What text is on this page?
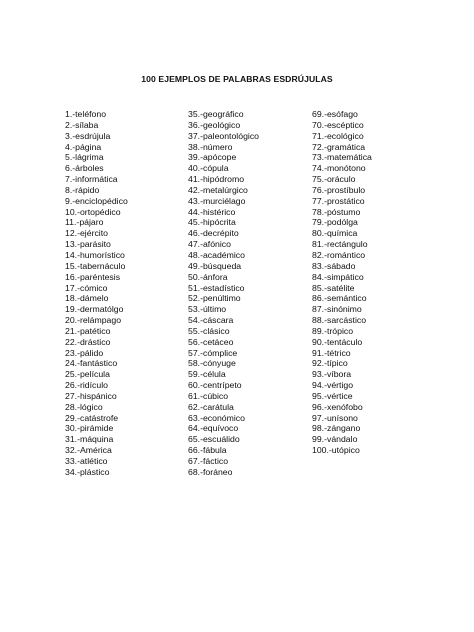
100 EJEMPLOS DE PALABRAS ESDRÚJULAS
1.-teléfono
2.-sílaba
3.-esdrújula
4.-página
5.-lágrima
6.-árboles
7.-informática
8.-rápido
9.-enciclopédico
10.-ortopédico
11.-pájaro
12.-ejército
13.-parásito
14.-humorístico
15.-tabernáculo
16.-paréntesis
17.-cómico
18.-dámelo
19.-dermatólgo
20.-relámpago
21.-patético
22.-drástico
23.-pálido
24.-fantástico
25.-película
26.-ridículo
27.-hispánico
28.-lógico
29.-catástrofe
30.-pirámide
31.-máquina
32.-América
33.-atlético
34.-plástico
35.-geográfico
36.-geológico
37.-paleontológico
38.-número
39.-apócope
40.-cópula
41.-hipódromo
42.-metalúrgico
43.-murciélago
44.-histérico
45.-hipócrita
46.-decrépito
47.-afónico
48.-académico
49.-búsqueda
50.-ánfora
51.-estadístico
52.-penúltimo
53.-último
54.-cáscara
55.-clásico
56.-cetáceo
57.-cómplice
58.-cónyuge
59.-célula
60.-centrípeto
61.-cúbico
62.-carátula
63.-económico
64.-equívoco
65.-escuálido
66.-fábula
67.-fáctico
68.-foráneo
69.-esófago
70.-escéptico
71.-ecológico
72.-gramática
73.-matemática
74.-monótono
75.-oráculo
76.-prostíbulo
77.-prostático
78.-póstumo
79.-podólga
80.-química
81.-rectángulo
82.-romántico
83.-sábado
84.-simpático
85.-satélite
86.-semántico
87.-sinónimo
88.-sarcástico
89.-trópico
90.-tentáculo
91.-tétrico
92.-típico
93.-víbora
94.-vértigo
95.-vértice
96.-xenófobo
97.-unísono
98.-zángano
99.-vándalo
100.-utópico
